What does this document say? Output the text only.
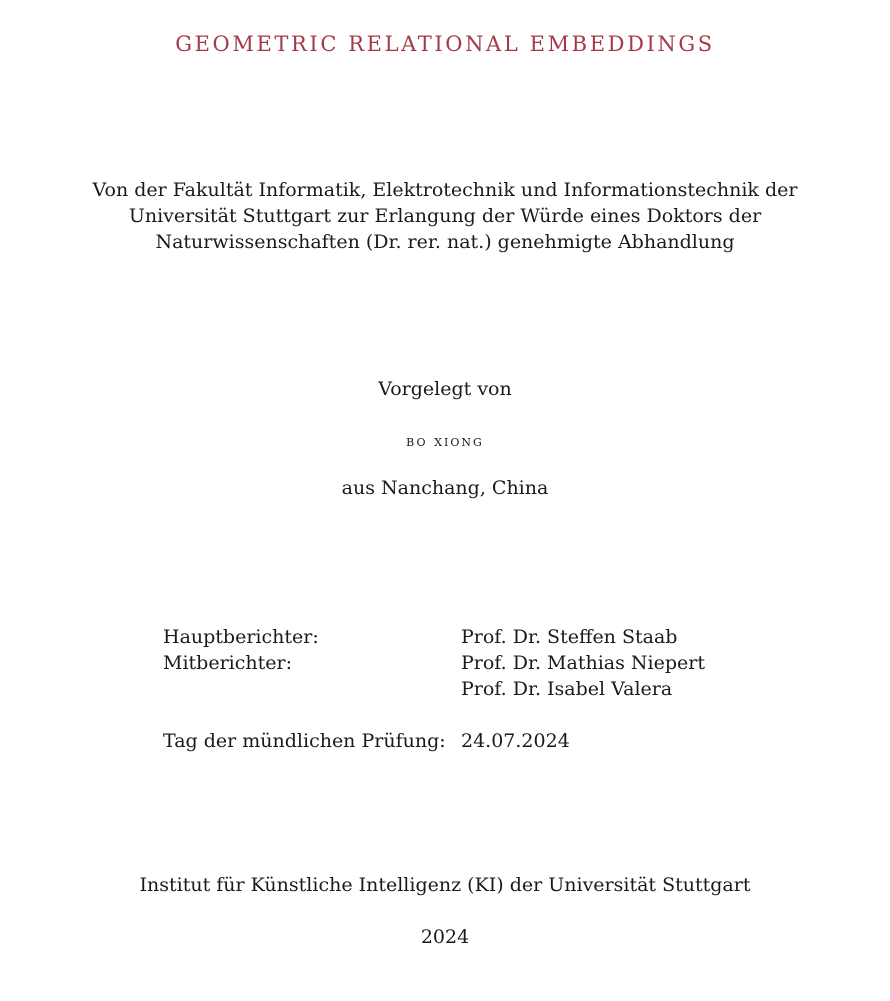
GEOMETRIC RELATIONAL EMBEDDINGS
Von der Fakultät Informatik, Elektrotechnik und Informationstechnik der
Universität Stuttgart zur Erlangung der Würde eines Doktors der
Naturwissenschaften (Dr. rer. nat.) genehmigte Abhandlung
Vorgelegt von
bo xiong
aus Nanchang, China
Hauptberichter:	Prof. Dr. Steffen Staab
Mitberichter:	Prof. Dr. Mathias Niepert
Prof. Dr. Isabel Valera
Tag der mündlichen Prüfung: 24.07.2024
Institut für Künstliche Intelligenz (KI) der Universität Stuttgart
2024
